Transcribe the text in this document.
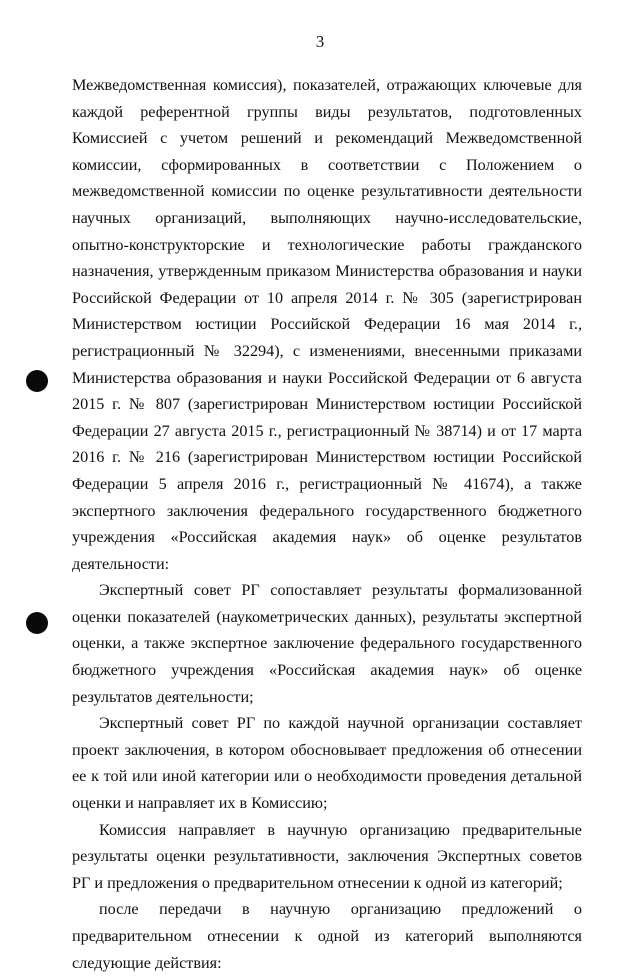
3

Межведомственная комиссия), показателей, отражающих ключевые для каждой референтной группы виды результатов, подготовленных Комиссией с учетом решений и рекомендаций Межведомственной комиссии, сформированных в соответствии с Положением о межведомственной комиссии по оценке результативности деятельности научных организаций, выполняющих научно-исследовательские, опытно-конструкторские и технологические работы гражданского назначения, утвержденным приказом Министерства образования и науки Российской Федерации от 10 апреля 2014 г. № 305 (зарегистрирован Министерством юстиции Российской Федерации 16 мая 2014 г., регистрационный № 32294), с изменениями, внесенными приказами Министерства образования и науки Российской Федерации от 6 августа 2015 г. № 807 (зарегистрирован Министерством юстиции Российской Федерации 27 августа 2015 г., регистрационный № 38714) и от 17 марта 2016 г. № 216 (зарегистрирован Министерством юстиции Российской Федерации 5 апреля 2016 г., регистрационный № 41674), а также экспертного заключения федерального государственного бюджетного учреждения «Российская академия наук» об оценке результатов деятельности:

Экспертный совет РГ сопоставляет результаты формализованной оценки показателей (наукометрических данных), результаты экспертной оценки, а также экспертное заключение федерального государственного бюджетного учреждения «Российская академия наук» об оценке результатов деятельности;

Экспертный совет РГ по каждой научной организации составляет проект заключения, в котором обосновывает предложения об отнесении ее к той или иной категории или о необходимости проведения детальной оценки и направляет их в Комиссию;

Комиссия направляет в научную организацию предварительные результаты оценки результативности, заключения Экспертных советов РГ и предложения о предварительном отнесении к одной из категорий;

после передачи в научную организацию предложений о предварительном отнесении к одной из категорий выполняются следующие действия:
